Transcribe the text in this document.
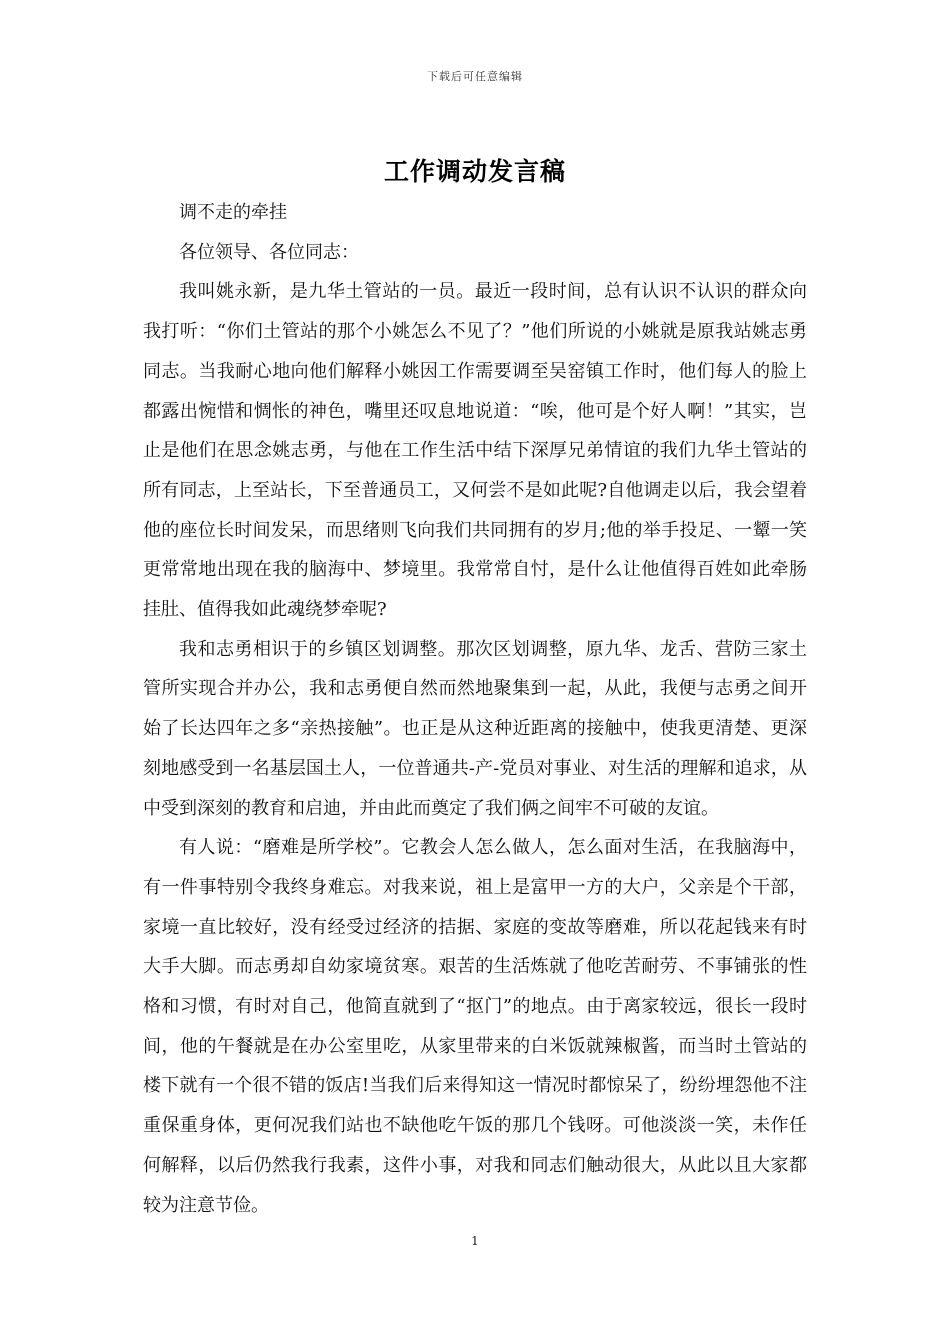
下载后可任意编辑
工作调动发言稿

调不走的牵挂

各位领导、各位同志：

我叫姚永新，是九华土管站的一员。最近一段时间，总有认识不认识的群众向我打听：“你们土管站的那个小姚怎么不见了？”他们所说的小姚就是原我站姚志勇同志。当我耐心地向他们解释小姚因工作需要调至吴窑镇工作时，他们每人的脸上都露出惋惜和惆怅的神色，嘴里还叹息地说道：“唉，他可是个好人啊！”其实，岂止是他们在思念姚志勇，与他在工作生活中结下深厚兄弟情谊的我们九华土管站的所有同志，上至站长，下至普通员工，又何尝不是如此呢?自他调走以后，我会望着他的座位长时间发呆，而思绪则飞向我们共同拥有的岁月;他的举手投足、一颦一笑更常常地出现在我的脑海中、梦境里。我常常自忖，是什么让他值得百姓如此牵肠挂肚、值得我如此魂绕梦牵呢?

我和志勇相识于的乡镇区划调整。那次区划调整，原九华、龙舌、营防三家土管所实现合并办公，我和志勇便自然而然地聚集到一起，从此，我便与志勇之间开始了长达四年之多“亲热接触”。也正是从这种近距离的接触中，使我更清楚、更深刻地感受到一名基层国土人，一位普通共-产-党员对事业、对生活的理解和追求，从中受到深刻的教育和启迪，并由此而奠定了我们俩之间牢不可破的友谊。

有人说：“磨难是所学校”。它教会人怎么做人，怎么面对生活，在我脑海中，有一件事特别令我终身难忘。对我来说，祖上是富甲一方的大户，父亲是个干部，家境一直比较好，没有经受过经济的拮据、家庭的变故等磨难，所以花起钱来有时大手大脚。而志勇却自幼家境贫寒。艰苦的生活炼就了他吃苦耐劳、不事铺张的性格和习惯，有时对自己，他简直就到了“抠门”的地点。由于离家较远，很长一段时间，他的午餐就是在办公室里吃，从家里带来的白米饭就辣椒酱，而当时土管站的楼下就有一个很不错的饭店!当我们后来得知这一情况时都惊呆了，纷纷埋怨他不注重保重身体，更何况我们站也不缺他吃午饭的那几个钱呀。可他淡淡一笑，未作任何解释，以后仍然我行我素，这件小事，对我和同志们触动很大，从此以且大家都较为注意节俭。

1
